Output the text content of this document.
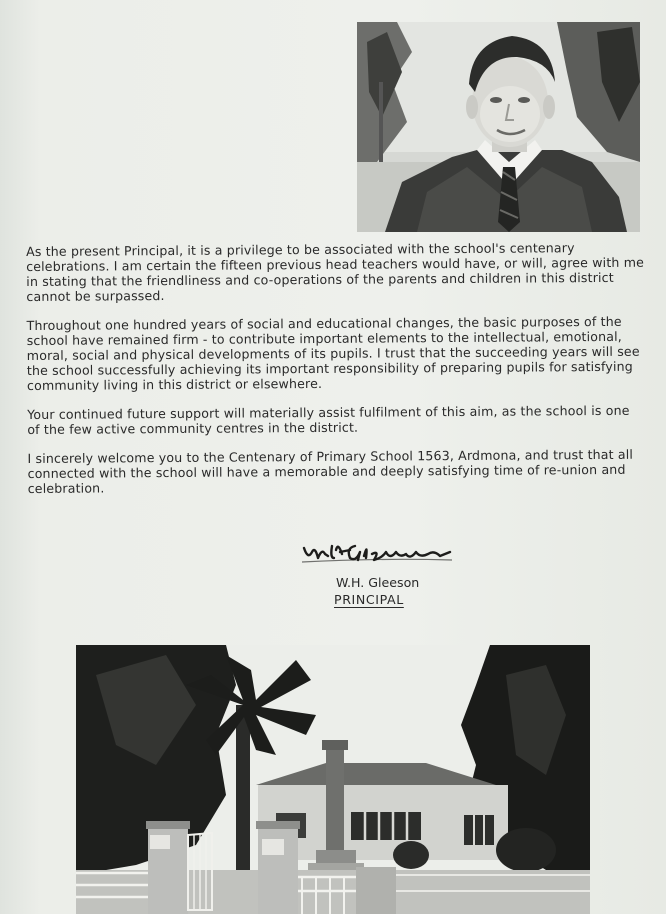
As the present Principal, it is a privilege to be associated with the school's centenary celebrations. I am certain the fifteen previous head teachers would have, or will, agree with me in stating that the friendliness and co-operations of the parents and children in this district cannot be surpassed.

Throughout one hundred years of social and educational changes, the basic purposes of the school have remained firm - to contribute important elements to the intellectual, emotional, moral, social and physical developments of its pupils. I trust that the succeeding years will see the school successfully achieving its important responsibility of preparing pupils for satisfying community living in this district or elsewhere.

Your continued future support will materially assist fulfilment of this aim, as the school is one of the few active community centres in the district.

I sincerely welcome you to the Centenary of Primary School 1563, Ardmona, and trust that all connected with the school will have a memorable and deeply satisfying time of re-union and celebration.

W.H. Gleeson
PRINCIPAL
